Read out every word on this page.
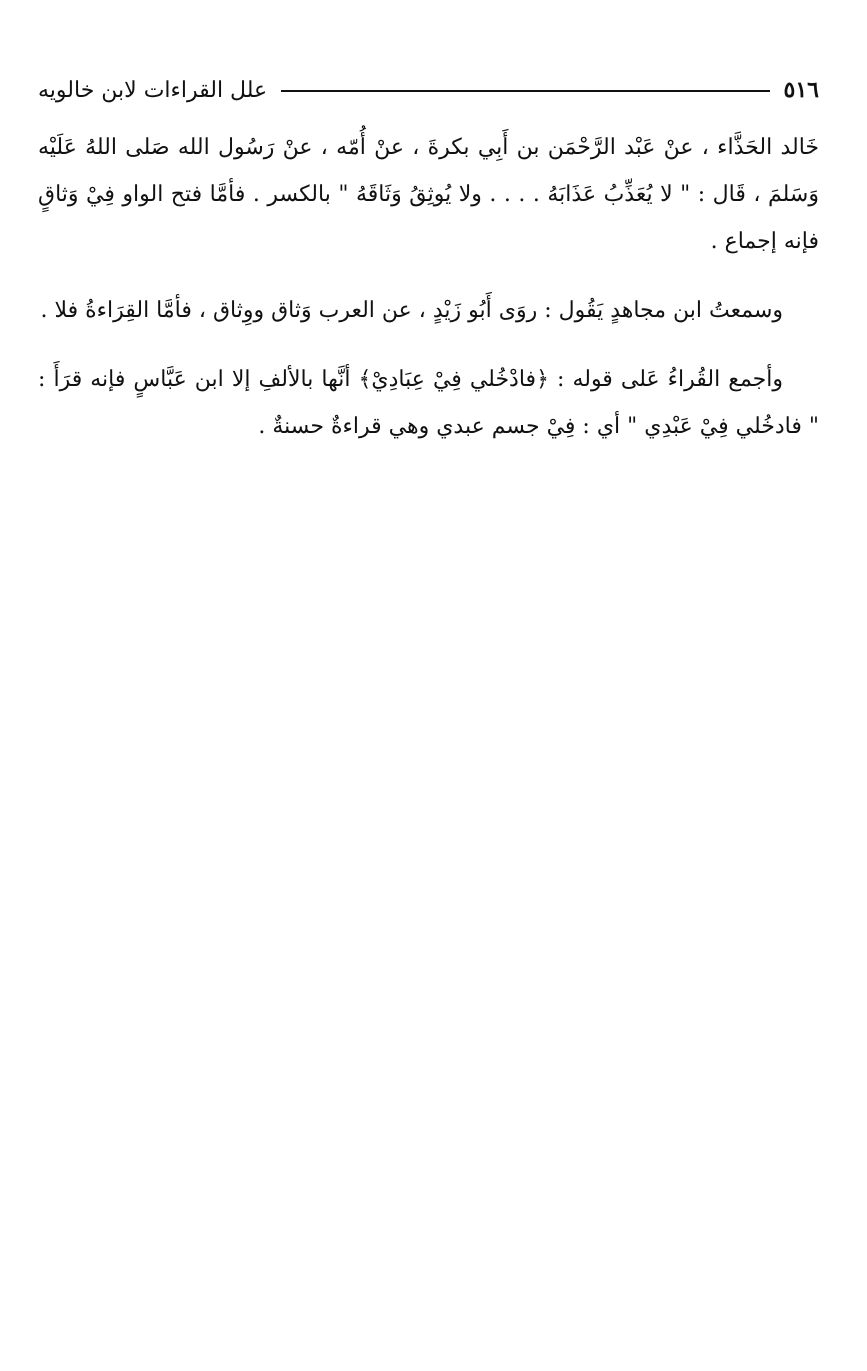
٥١٦
علل القراءات لابن خالويه

خَالد الحَذَّاء ، عنْ عَبْد الرَّحْمَن بن أَبِي بكرةَ ، عنْ أُمّه ، عنْ رَسُول الله صَلى اللهُ عَلَيْه وَسَلمَ ، قَال : " لا يُعَذِّبُ عَذَابَهُ . . . . ولا يُوثِقُ وَثَاقَهُ " بالكسر . فأمَّا فتح الواو فِيْ وَثاقٍ فإنه إجماع .

وسمعتُ ابن مجاهدٍ يَقُول : روَى أَبُو زَيْدٍ ، عن العرب وَثاق ووِثاق ، فأمَّا القِرَاءةُ فلا .

وأجمع القُراءُ عَلى قوله : ﴿فادْخُلي فِيْ عِبَادِيْ﴾ أنَّها بالألفِ إلا ابن عَبَّاسٍ فإنه قرَأَ : " فادخُلي فِيْ عَبْدِي " أي : فِيْ جسم عبدي وهي قراءةٌ حسنةٌ .
